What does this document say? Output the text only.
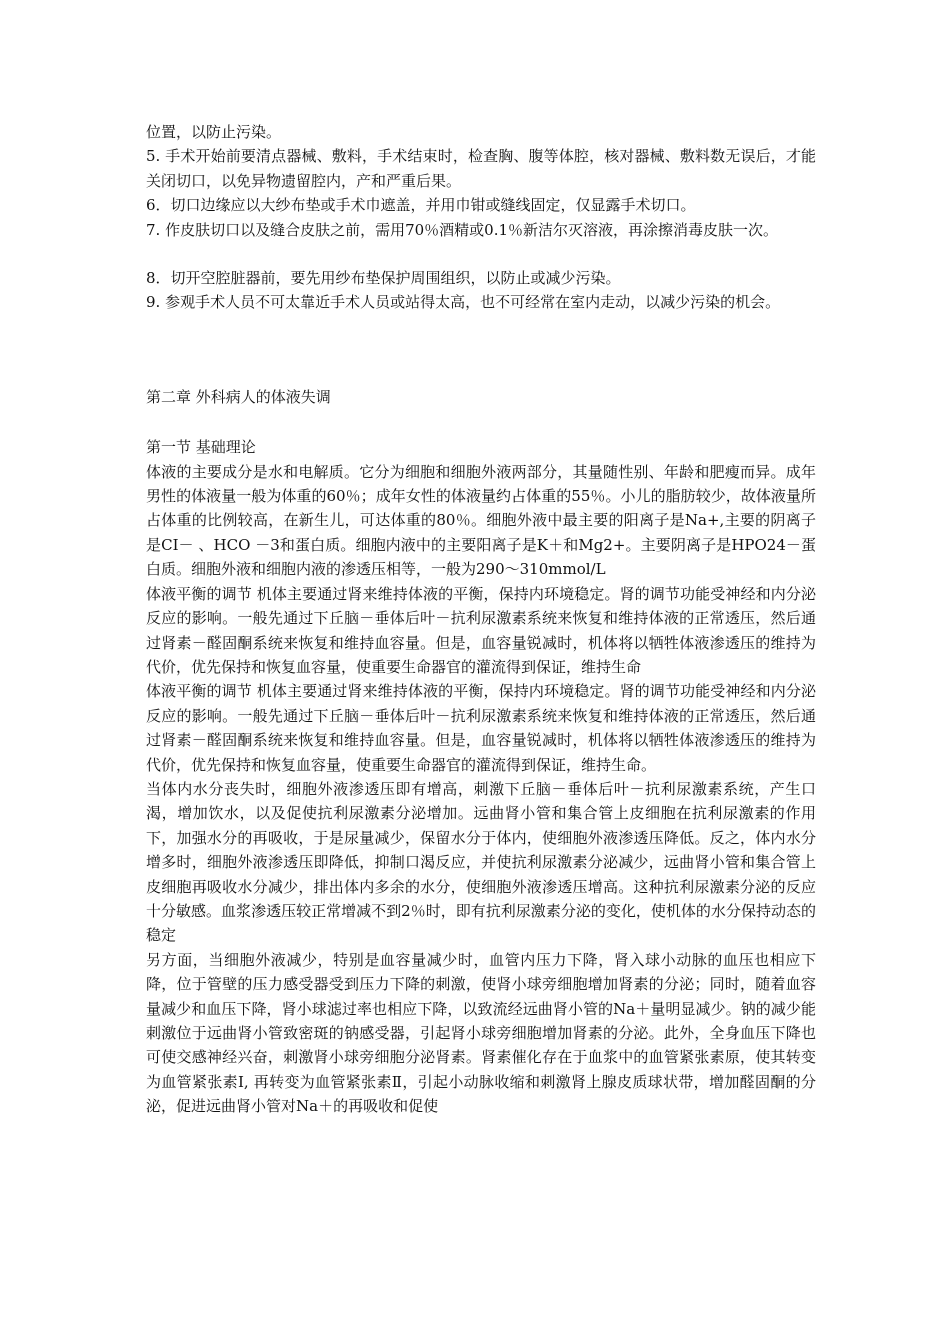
位置，以防止污染。

5. 手术开始前要清点器械、敷料，手术结束时，检查胸、腹等体腔，核对器械、敷料数无误后，才能关闭切口，以免异物遗留腔内，产和严重后果。

6．切口边缘应以大纱布垫或手术巾遮盖，并用巾钳或缝线固定，仅显露手术切口。

7. 作皮肤切口以及缝合皮肤之前，需用70％酒精或0.1％新洁尔灭溶液，再涂擦消毒皮肤一次。

8．切开空腔脏器前，要先用纱布垫保护周围组织，以防止或减少污染。

9. 参观手术人员不可太靠近手术人员或站得太高，也不可经常在室内走动，以减少污染的机会。

第二章 外科病人的体液失调

第一节 基础理论

体液的主要成分是水和电解质。它分为细胞和细胞外液两部分，其量随性别、年龄和肥瘦而异。成年男性的体液量一般为体重的60％；成年女性的体液量约占体重的55％。小儿的脂肪较少，故体液量所占体重的比例较高，在新生儿，可达体重的80％。细胞外液中最主要的阳离子是Na+,主要的阴离子是CI－ 、HCO －3和蛋白质。细胞内液中的主要阳离子是K＋和Mg2+。主要阴离子是HPO24－蛋白质。细胞外液和细胞内液的渗透压相等，一般为290～310mmol/L

体液平衡的调节 机体主要通过肾来维持体液的平衡，保持内环境稳定。肾的调节功能受神经和内分泌反应的影响。一般先通过下丘脑－垂体后叶－抗利尿激素系统来恢复和维持体液的正常透压，然后通过肾素－醛固酮系统来恢复和维持血容量。但是，血容量锐减时，机体将以牺牲体液渗透压的维持为代价，优先保持和恢复血容量，使重要生命器官的灌流得到保证，维持生命

体液平衡的调节 机体主要通过肾来维持体液的平衡，保持内环境稳定。肾的调节功能受神经和内分泌反应的影响。一般先通过下丘脑－垂体后叶－抗利尿激素系统来恢复和维持体液的正常透压，然后通过肾素－醛固酮系统来恢复和维持血容量。但是，血容量锐减时，机体将以牺牲体液渗透压的维持为代价，优先保持和恢复血容量，使重要生命器官的灌流得到保证，维持生命。

当体内水分丧失时，细胞外液渗透压即有增高，刺激下丘脑－垂体后叶－抗利尿激素系统，产生口渴，增加饮水，以及促使抗利尿激素分泌增加。远曲肾小管和集合管上皮细胞在抗利尿激素的作用下，加强水分的再吸收，于是尿量减少，保留水分于体内，使细胞外液渗透压降低。反之，体内水分增多时，细胞外液渗透压即降低，抑制口渴反应，并使抗利尿激素分泌减少，远曲肾小管和集合管上皮细胞再吸收水分减少，排出体内多余的水分，使细胞外液渗透压增高。这种抗利尿激素分泌的反应十分敏感。血浆渗透压较正常增减不到2％时，即有抗利尿激素分泌的变化，使机体的水分保持动态的稳定

另方面，当细胞外液减少，特别是血容量减少时，血管内压力下降，肾入球小动脉的血压也相应下降，位于管壁的压力感受器受到压力下降的刺激，使肾小球旁细胞增加肾素的分泌；同时，随着血容量减少和血压下降，肾小球滤过率也相应下降，以致流经远曲肾小管的Na＋量明显减少。钠的减少能刺激位于远曲肾小管致密斑的钠感受器，引起肾小球旁细胞增加肾素的分泌。此外，全身血压下降也可使交感神经兴奋，刺激肾小球旁细胞分泌肾素。肾素催化存在于血浆中的血管紧张素原，使其转变为血管紧张素I, 再转变为血管紧张素Ⅱ，引起小动脉收缩和刺激肾上腺皮质球状带，增加醛固酮的分泌，促进远曲肾小管对Na＋的再吸收和促使
